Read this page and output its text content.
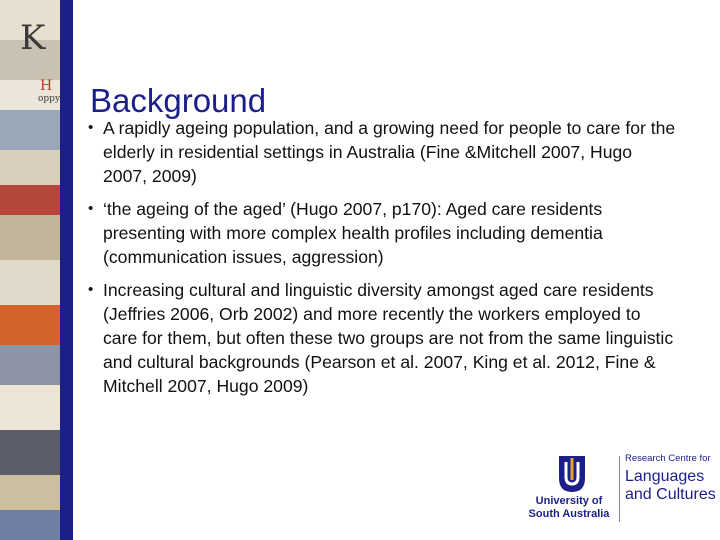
K
H
oppy Background
• A rapidly ageing population, and a growing need for people to care for the elderly in residential settings in Australia (Fine &Mitchell 2007, Hugo 2007, 2009)
• ‘the ageing of the aged’ (Hugo 2007, p170): Aged care residents presenting with more complex health profiles including dementia (communication issues, aggression)
• Increasing cultural and linguistic diversity amongst aged care residents (Jeffries 2006, Orb 2002) and more recently the workers employed to care for them, but often these two groups are not from the same linguistic and cultural backgrounds (Pearson et al. 2007, King et al. 2012, Fine & Mitchell 2007, Hugo 2009)
University of
South Australia
Research Centre for
Languages
and Cultures
